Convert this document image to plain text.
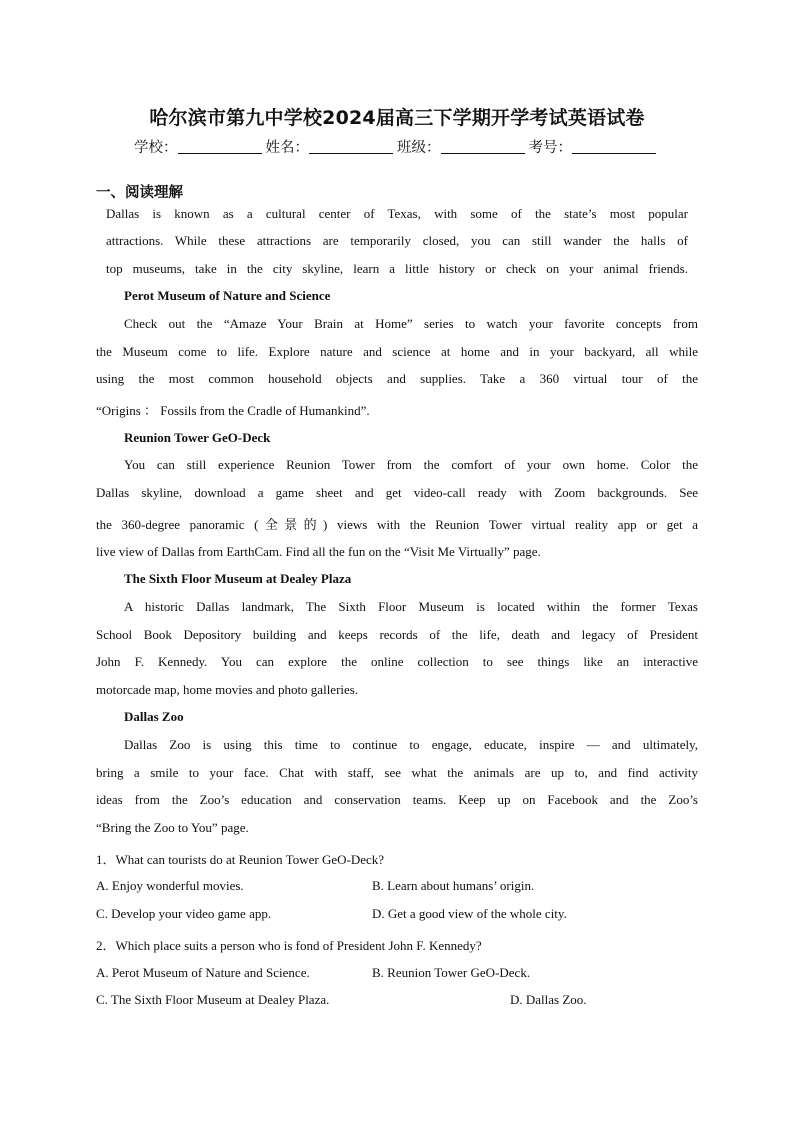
哈尔滨市第九中学校2024届高三下学期开学考试英语试卷
学校：	姓名：	班级：	考号：
一、阅读理解
Dallas is known as a cultural center of Texas, with some of the state’s most popular
attractions. While these attractions are temporarily closed, you can still wander the halls of
top museums, take in the city skyline, learn a little history or check on your animal friends.
Perot Museum of Nature and Science
Check out the “Amaze Your Brain at Home” series to watch your favorite concepts from
the Museum come to life. Explore nature and science at home and in your backyard, all while
using the most common household objects and supplies. Take a 360 virtual tour of the
“Origins ： Fossils from the Cradle of Humankind”.
Reunion Tower GeO-Deck
You can still experience Reunion Tower from the comfort of your own home. Color the
Dallas skyline, download a game sheet and get video-call ready with Zoom backgrounds. See
the 360-degree panoramic (全景的) views with the Reunion Tower virtual reality app or get a
live view of Dallas from EarthCam. Find all the fun on the “Visit Me Virtually” page.
The Sixth Floor Museum at Dealey Plaza
A historic Dallas landmark, The Sixth Floor Museum is located within the former Texas
School Book Depository building and keeps records of the life, death and legacy of President
John F. Kennedy. You can explore the online collection to see things like an interactive
motorcade map, home movies and photo galleries.
Dallas Zoo
Dallas Zoo is using this time to continue to engage, educate, inspire — and ultimately,
bring a smile to your face. Chat with staff, see what the animals are up to, and find activity
ideas from the Zoo’s education and conservation teams. Keep up on Facebook and the Zoo’s
“Bring the Zoo to You” page.
1．What can tourists do at Reunion Tower GeO-Deck?
A. Enjoy wonderful movies.	B. Learn about humans’ origin.
C. Develop your video game app.	D. Get a good view of the whole city.
2．Which place suits a person who is fond of President John F. Kennedy?
A. Perot Museum of Nature and Science.	B. Reunion Tower GeO-Deck.
C. The Sixth Floor Museum at Dealey Plaza.	D. Dallas Zoo.
